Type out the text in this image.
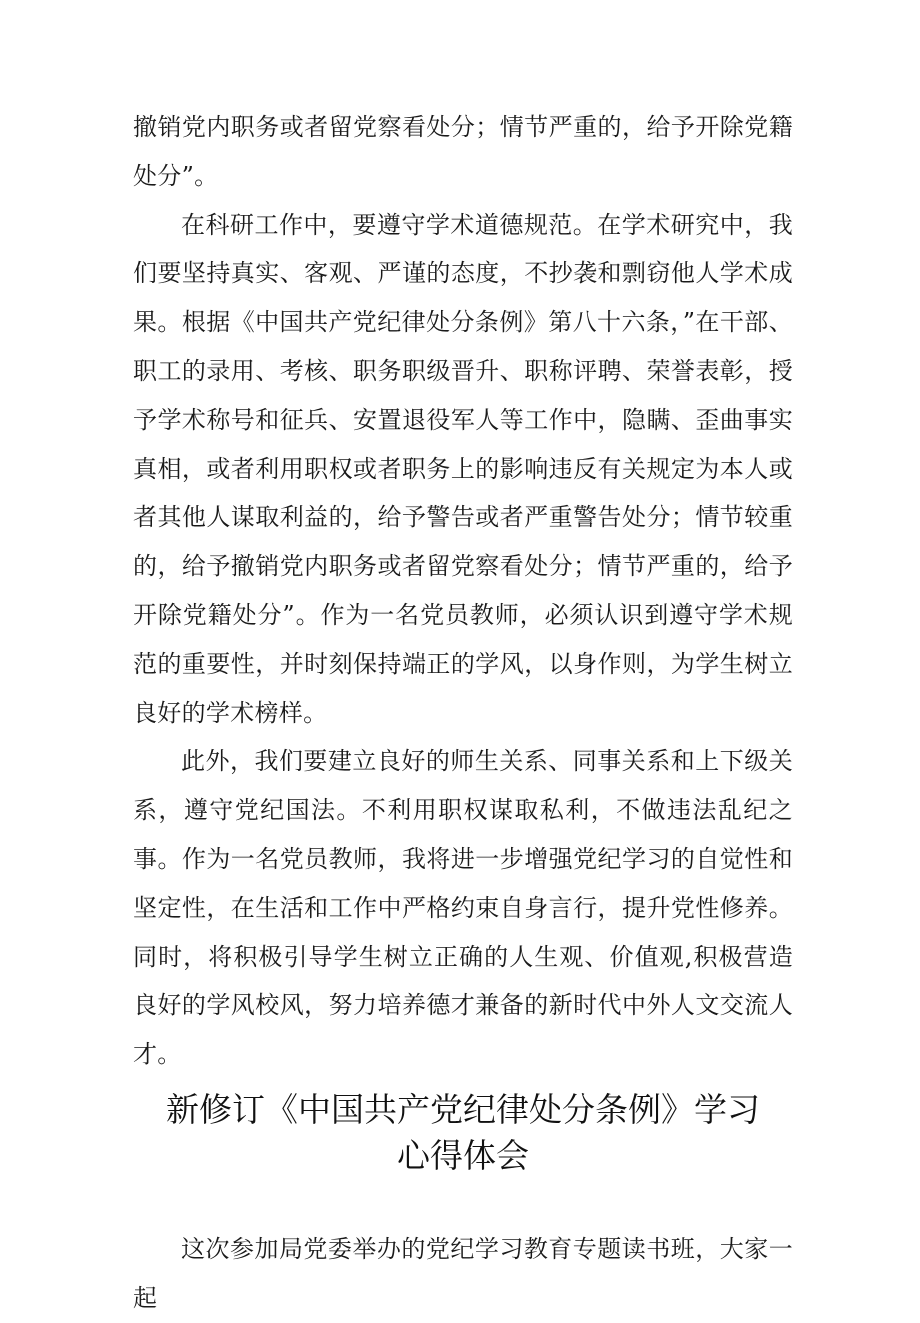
撤销党内职务或者留党察看处分；情节严重的，给予开除党籍处分”。

在科研工作中，要遵守学术道德规范。在学术研究中，我们要坚持真实、客观、严谨的态度，不抄袭和剽窃他人学术成果。根据《中国共产党纪律处分条例》第八十六条，”在干部、职工的录用、考核、职务职级晋升、职称评聘、荣誉表彰，授予学术称号和征兵、安置退役军人等工作中，隐瞒、歪曲事实真相，或者利用职权或者职务上的影响违反有关规定为本人或者其他人谋取利益的，给予警告或者严重警告处分；情节较重的，给予撤销党内职务或者留党察看处分；情节严重的，给予开除党籍处分”。作为一名党员教师，必须认识到遵守学术规范的重要性，并时刻保持端正的学风，以身作则，为学生树立良好的学术榜样。

此外，我们要建立良好的师生关系、同事关系和上下级关系，遵守党纪国法。不利用职权谋取私利，不做违法乱纪之事。作为一名党员教师，我将进一步增强党纪学习的自觉性和坚定性，在生活和工作中严格约束自身言行，提升党性修养。同时，将积极引导学生树立正确的人生观、价值观,积极营造良好的学风校风，努力培养德才兼备的新时代中外人文交流人才。

新修订《中国共产党纪律处分条例》学习
心得体会

这次参加局党委举办的党纪学习教育专题读书班，大家一起
